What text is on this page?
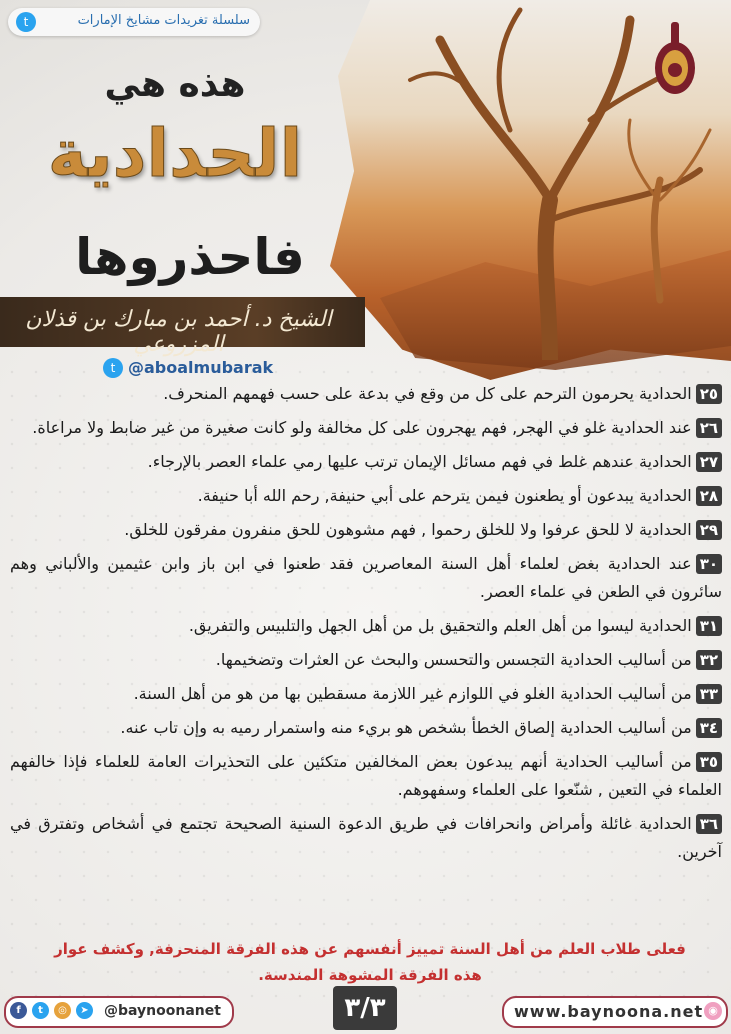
t	سلسلة تغريدات مشايخ الإمارات
هذه هي
الحدادية
فاحذروها
الشيخ د. أحمد بن مبارك بن قذلان المزروعي
t @aboalmubarak
٢٥الحدادية يحرمون الترحم على كل من وقع في بدعة على حسب فهمهم المنحرف.
٢٦عند الحدادية غلو في الهجر, فهم يهجرون على كل مخالفة ولو كانت صغيرة من غير ضابط ولا مراعاة.
٢٧الحدادية عندهم غلط في فهم مسائل الإيمان ترتب عليها رمي علماء العصر بالإرجاء.
٢٨الحدادية يبدعون أو يطعنون فيمن يترحم على أبي حنيفة, رحم الله أبا حنيفة.
٢٩الحدادية لا للحق عرفوا ولا للخلق رحموا , فهم مشوهون للحق منفرون مفرقون للخلق.
٣٠عند الحدادية بغض لعلماء أهل السنة المعاصرين فقد طعنوا في ابن باز وابن عثيمين والألباني وهم سائرون في الطعن في علماء العصر.
٣١الحدادية ليسوا من أهل العلم والتحقيق بل من أهل الجهل والتلبيس والتفريق.
٣٢من أساليب الحدادية التجسس والتحسس والبحث عن العثرات وتضخيمها.
٣٣من أساليب الحدادية الغلو في اللوازم غير اللازمة مسقطين بها من هو من أهل السنة.
٣٤من أساليب الحدادية إلصاق الخطأ بشخص هو بريء منه واستمرار رميه به وإن تاب عنه.
٣٥من أساليب الحدادية أنهم يبدعون بعض المخالفين متكئين على التحذيرات العامة للعلماء فإذا خالفهم العلماء في التعين , شنّعوا على العلماء وسفهوهم.
٣٦الحدادية غائلة وأمراض وانحرافات في طريق الدعوة السنية الصحيحة تجتمع في أشخاص وتفترق في آخرين.
فعلى طلاب العلم من أهل السنة تمييز أنفسهم عن هذه الفرقة المنحرفة, وكشف عوار هذه الفرقة المشوهة المندسة.
f	t	◎	➤	@baynoonanet	٣/٣	www.baynoona.net ◉
